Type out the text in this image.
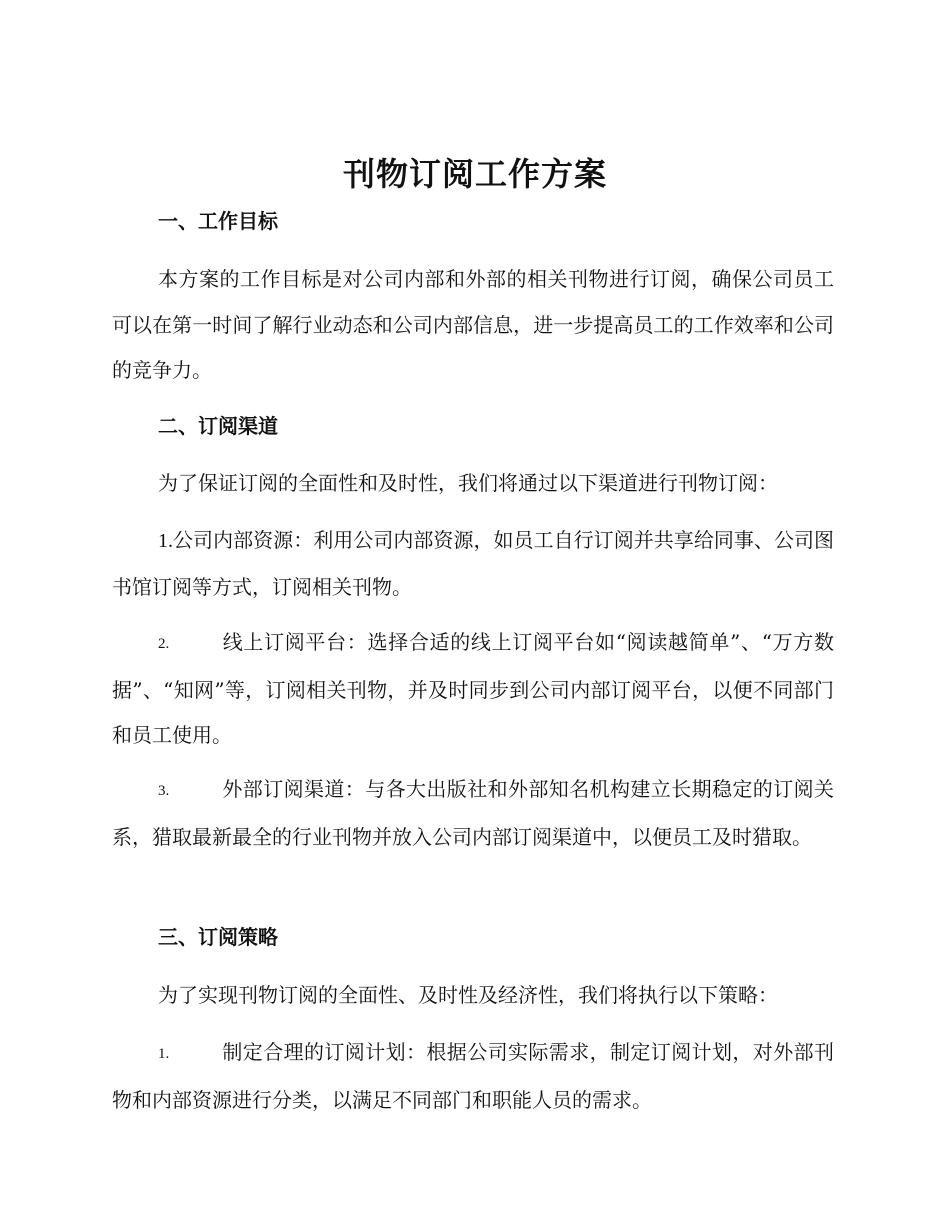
刊物订阅工作方案
一、工作目标

本方案的工作目标是对公司内部和外部的相关刊物进行订阅，确保公司员工可以在第一时间了解行业动态和公司内部信息，进一步提高员工的工作效率和公司的竞争力。

二、订阅渠道

为了保证订阅的全面性和及时性，我们将通过以下渠道进行刊物订阅：

1.公司内部资源：利用公司内部资源，如员工自行订阅并共享给同事、公司图书馆订阅等方式，订阅相关刊物。

2.	线上订阅平台：选择合适的线上订阅平台如“阅读越简单”、“万方数据”、“知网”等，订阅相关刊物，并及时同步到公司内部订阅平台，以便不同部门和员工使用。

3.	外部订阅渠道：与各大出版社和外部知名机构建立长期稳定的订阅关系，猎取最新最全的行业刊物并放入公司内部订阅渠道中，以便员工及时猎取。

三、订阅策略

为了实现刊物订阅的全面性、及时性及经济性，我们将执行以下策略：

1.	制定合理的订阅计划：根据公司实际需求，制定订阅计划，对外部刊物和内部资源进行分类，以满足不同部门和职能人员的需求。
